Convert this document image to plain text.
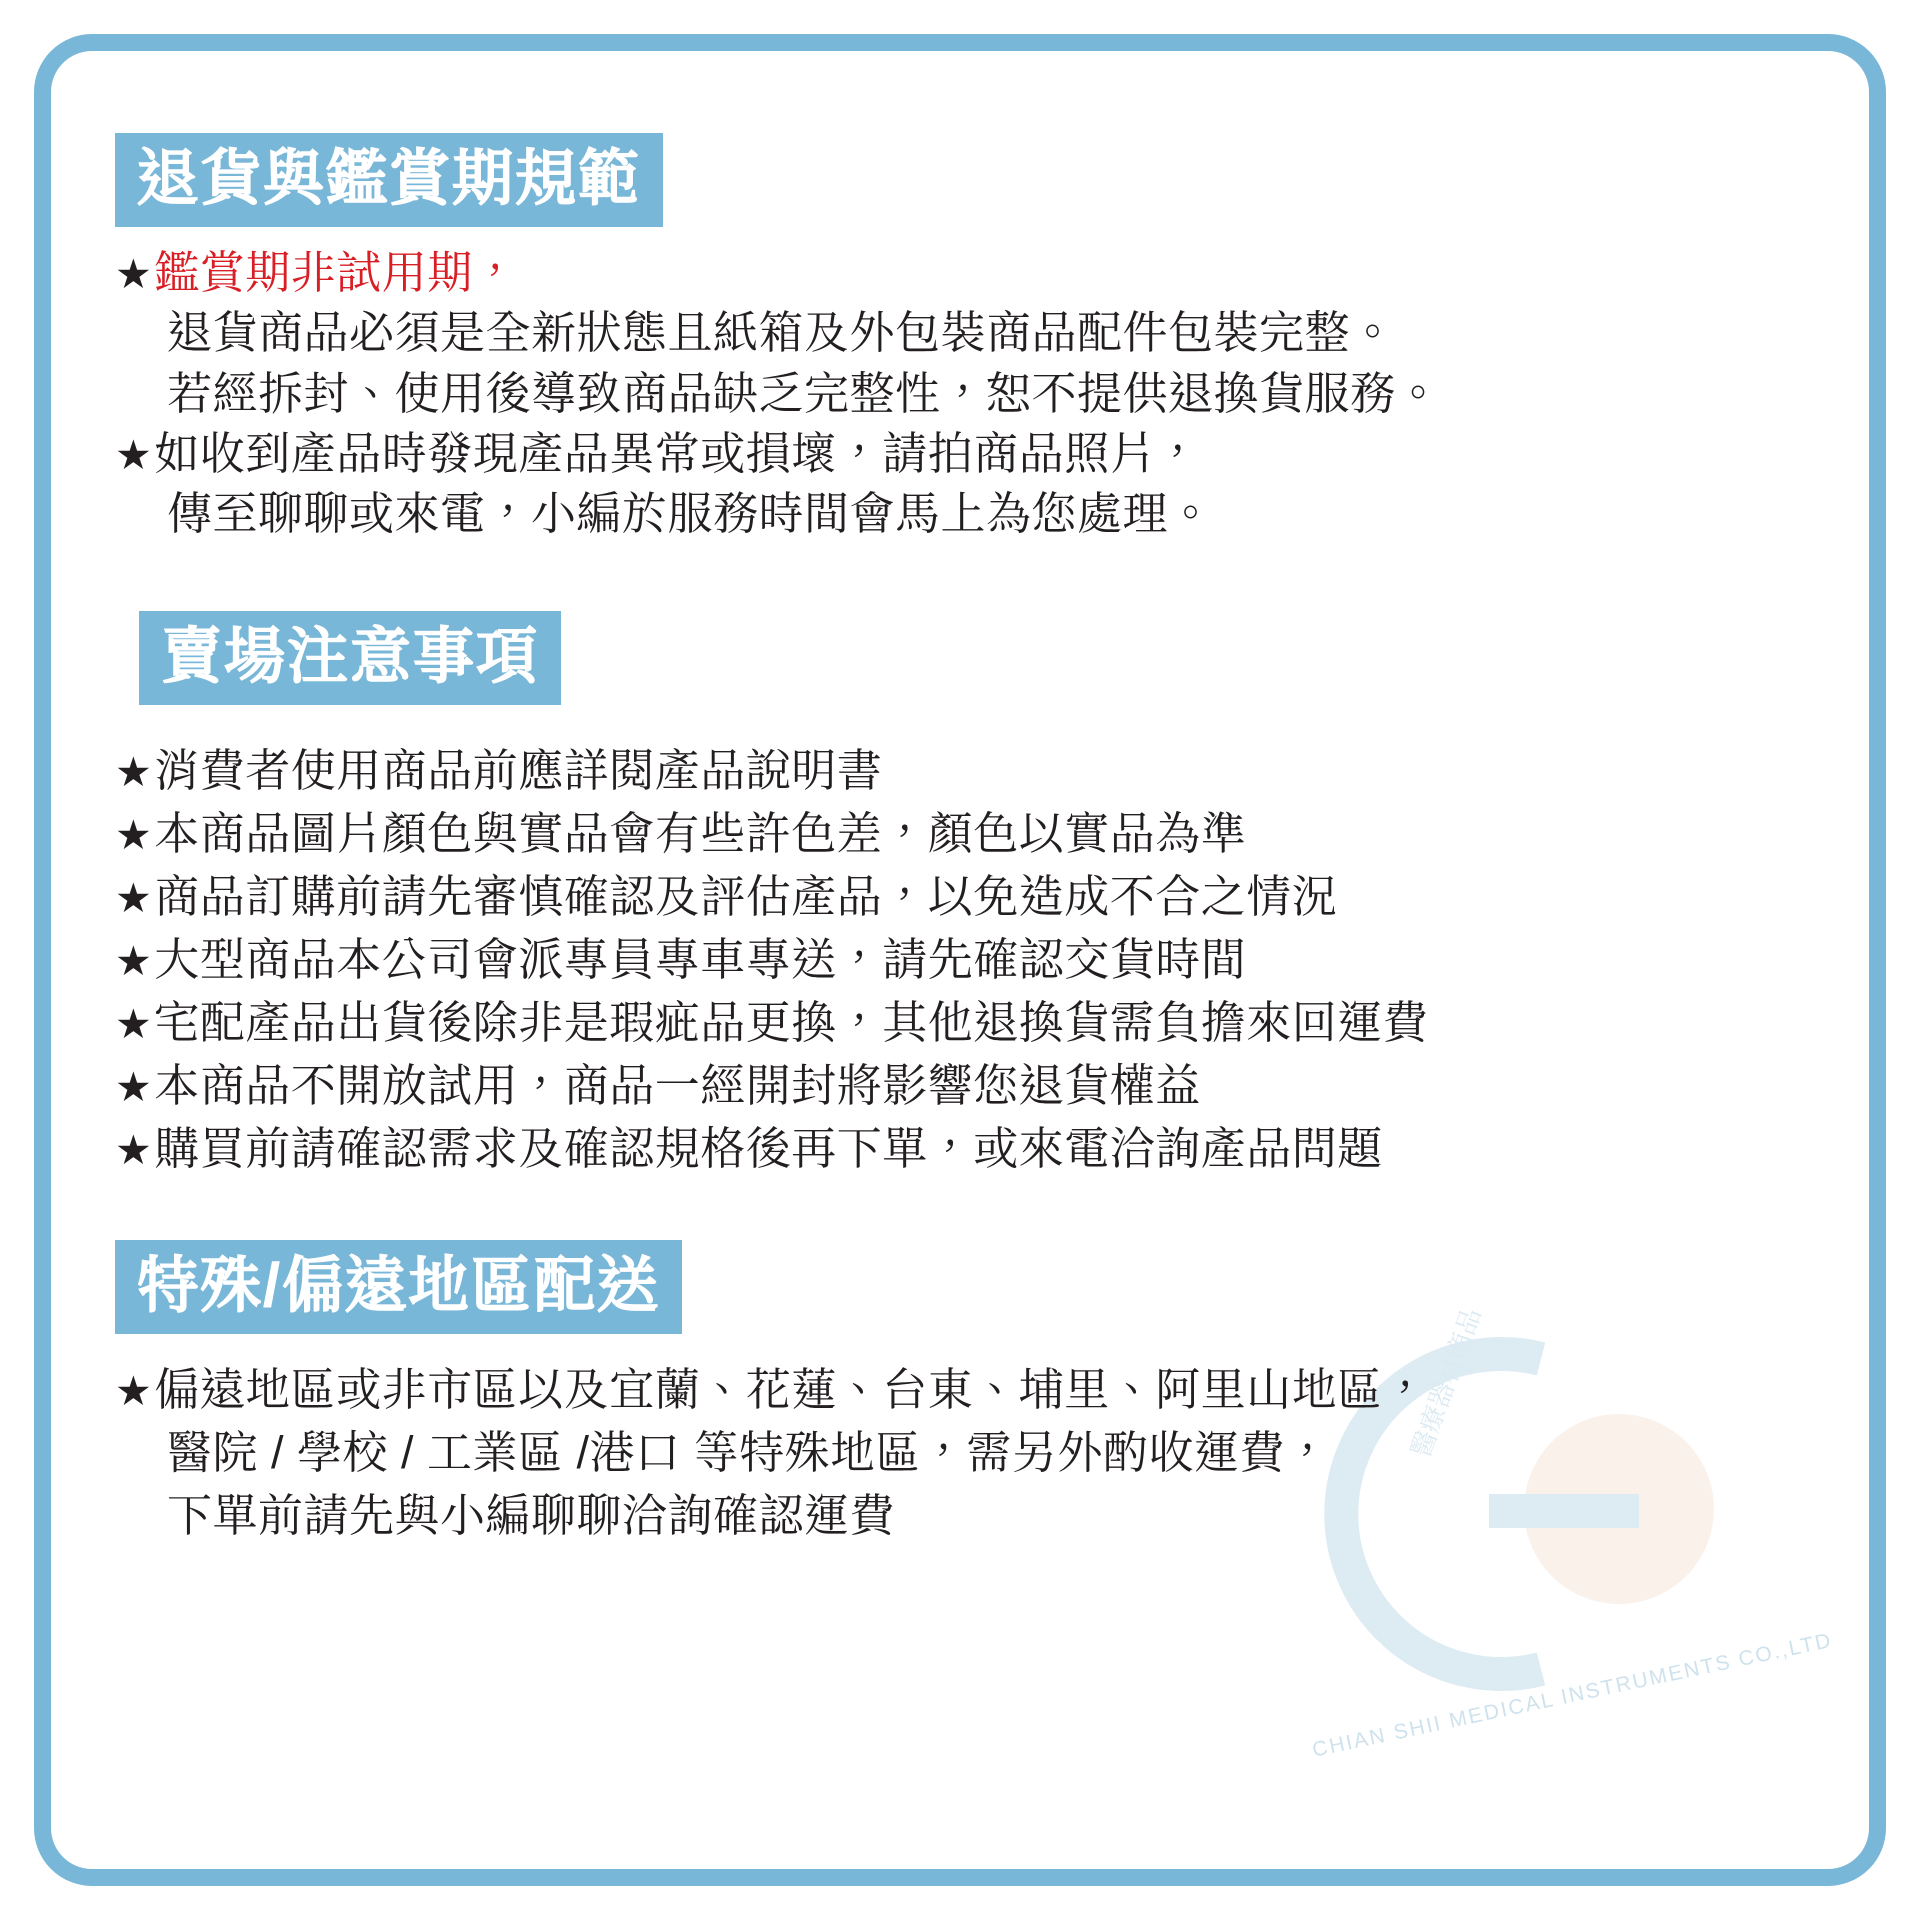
CHIAN SHII MEDICAL INSTRUMENTS CO.,LTD
醫療器材商品
退貨與鑑賞期規範
★鑑賞期非試用期，
退貨商品必須是全新狀態且紙箱及外包裝商品配件包裝完整。
若經拆封、使用後導致商品缺乏完整性，恕不提供退換貨服務。
★如收到產品時發現產品異常或損壞，請拍商品照片，
傳至聊聊或來電，小編於服務時間會馬上為您處理。
賣場注意事項
★消費者使用商品前應詳閱產品說明書
★本商品圖片顏色與實品會有些許色差，顏色以實品為準
★商品訂購前請先審慎確認及評估產品，以免造成不合之情況
★大型商品本公司會派專員專車專送，請先確認交貨時間
★宅配產品出貨後除非是瑕疵品更換，其他退換貨需負擔來回運費
★本商品不開放試用，商品一經開封將影響您退貨權益
★購買前請確認需求及確認規格後再下單，或來電洽詢產品問題
特殊/偏遠地區配送
★偏遠地區或非市區以及宜蘭、花蓮、台東、埔里、阿里山地區，
醫院 / 學校 / 工業區 /港口 等特殊地區，需另外酌收運費，
下單前請先與小編聊聊洽詢確認運費
